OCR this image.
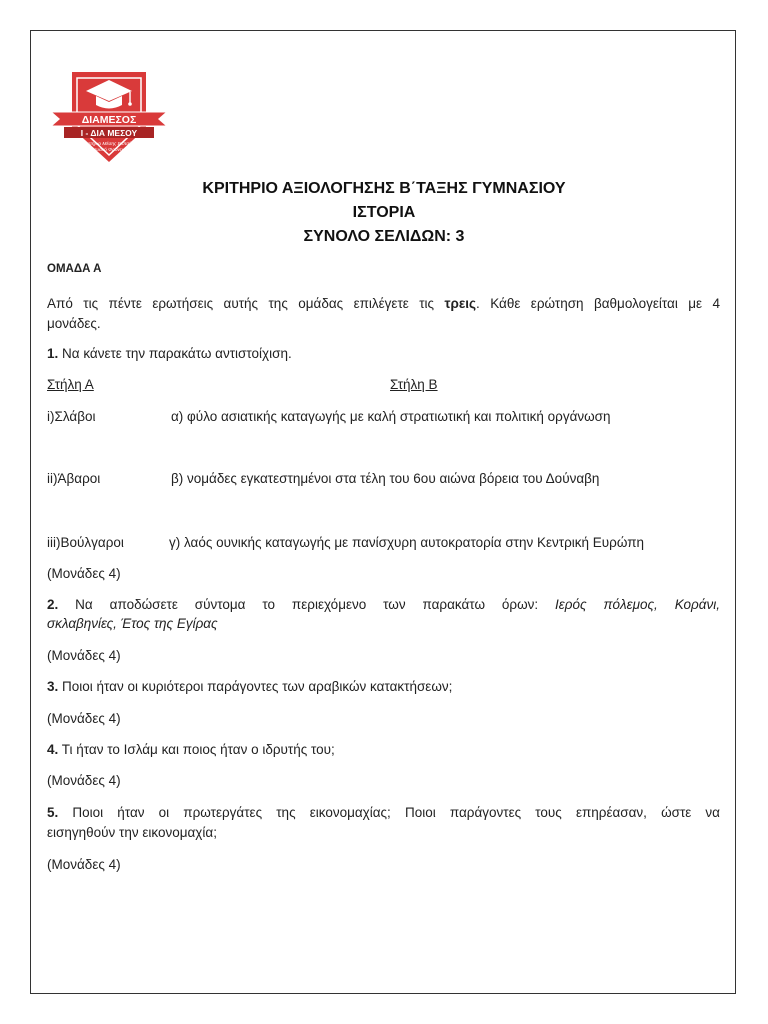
ΔΙΑΜΕΣΟΣ
Ι - ΔΙΑ ΜΕΣΟΥ
Φροντιστήριο Μέσης Εκπαίδευσης
Διαδικτυακό Φροντιστήριο
ΚΡΙΤΗΡΙΟ ΑΞΙΟΛΟΓΗΣΗΣ Β΄ΤΑΞΗΣ ΓΥΜΝΑΣΙΟΥ
ΙΣΤΟΡΙΑ
ΣΥΝΟΛΟ ΣΕΛΙΔΩΝ: 3
ΟΜΑΔΑ Α
Από τις πέντε ερωτήσεις αυτής της ομάδας επιλέγετε τις τρεις. Κάθε ερώτηση βαθμολογείται με 4
μονάδες.
1. Να κάνετε την παρακάτω αντιστοίχιση.
Στήλη Α	Στήλη Β
i)Σλάβοι	α) φύλο ασιατικής καταγωγής με καλή στρατιωτική και πολιτική οργάνωση
ii)Άβαροι	β) νομάδες εγκατεστημένοι στα τέλη του 6ου αιώνα βόρεια του Δούναβη
iii)Βούλγαροι	γ) λαός ουνικής καταγωγής με πανίσχυρη αυτοκρατορία στην Κεντρική Ευρώπη
(Μονάδες 4)
2. Να αποδώσετε σύντομα το περιεχόμενο των παρακάτω όρων: Ιερός πόλεμος, Κοράνι,
σκλαβηνίες, Έτος της Εγίρας
(Μονάδες 4)
3. Ποιοι ήταν οι κυριότεροι παράγοντες των αραβικών κατακτήσεων;
(Μονάδες 4)
4. Τι ήταν το Ισλάμ και ποιος ήταν ο ιδρυτής του;
(Μονάδες 4)
5. Ποιοι ήταν οι πρωτεργάτες της εικονομαχίας; Ποιοι παράγοντες τους επηρέασαν, ώστε να
εισηγηθούν την εικονομαχία;
(Μονάδες 4)
